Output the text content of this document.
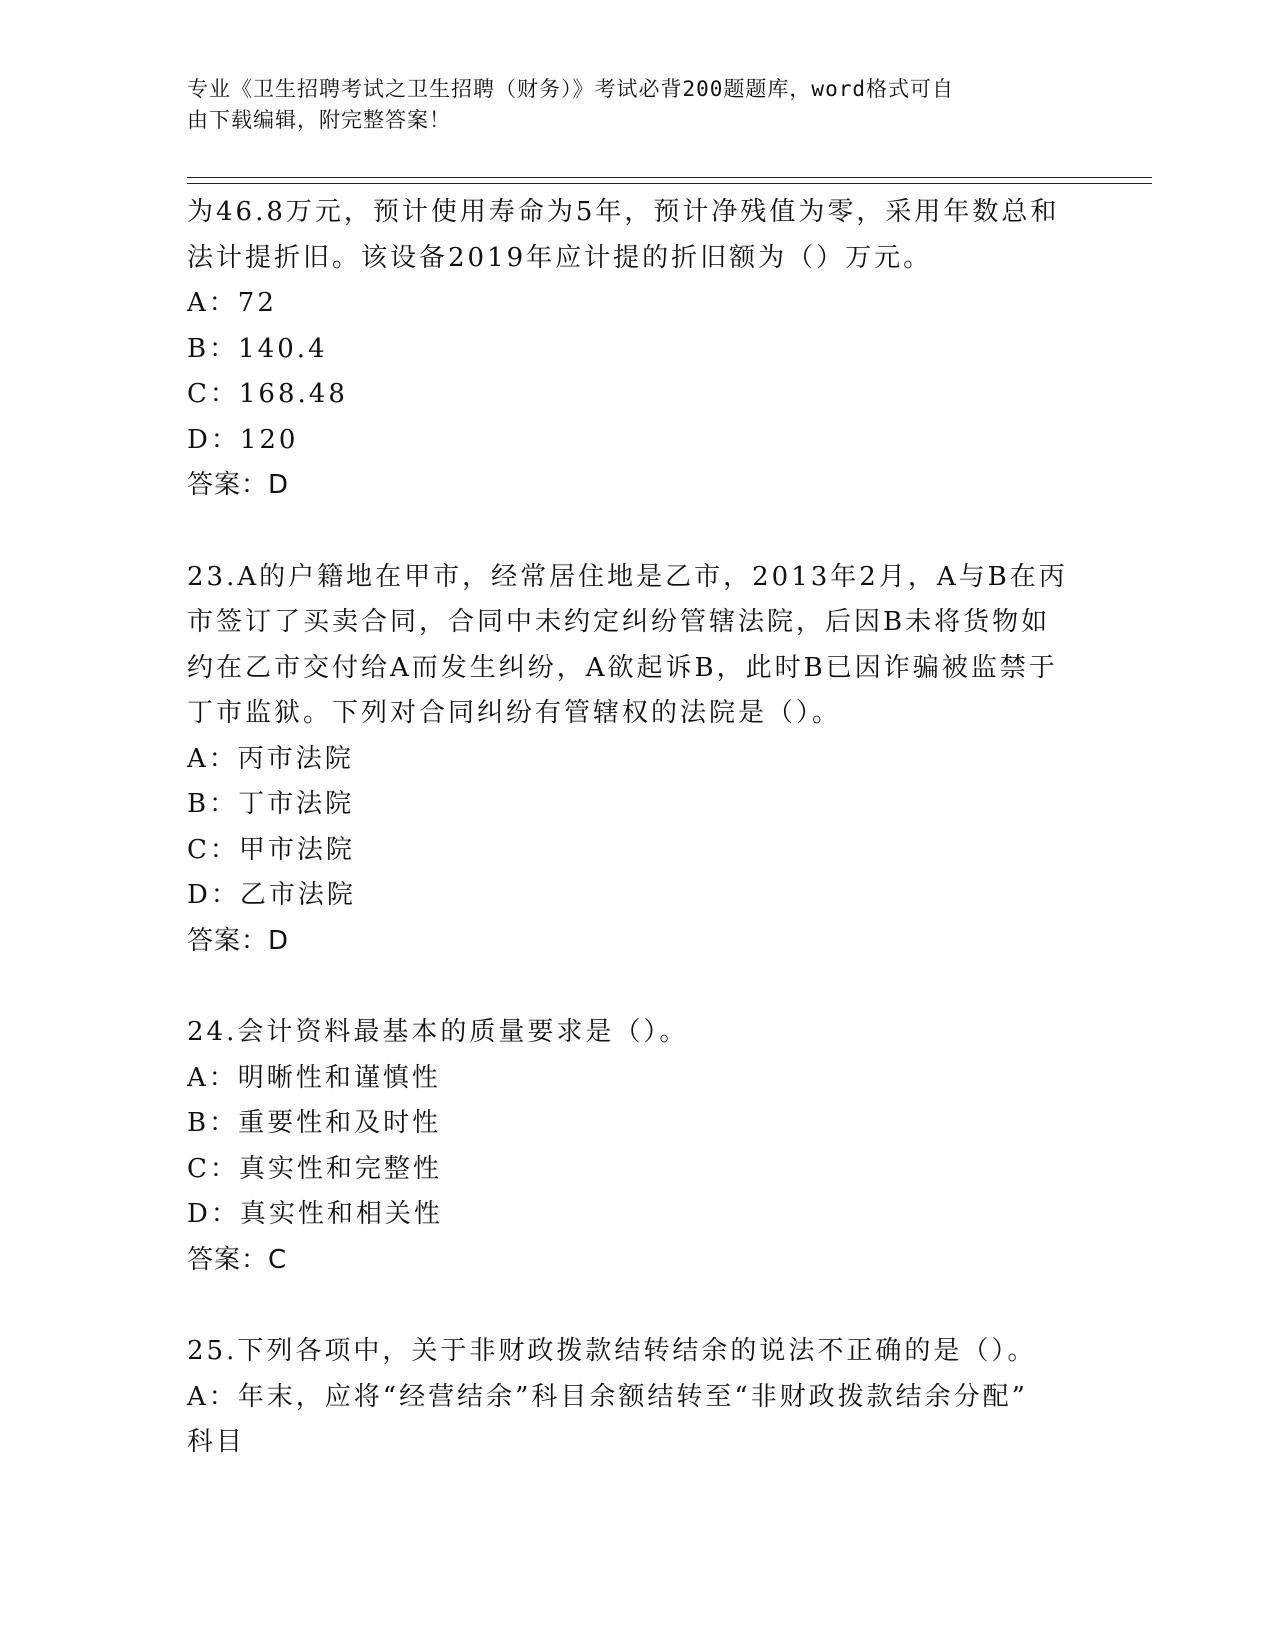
专业《卫生招聘考试之卫生招聘（财务）》考试必背200题题库，word格式可自
由下载编辑，附完整答案！
为46.8万元，预计使用寿命为5年，预计净残值为零，采用年数总和
法计提折旧。该设备2019年应计提的折旧额为（）万元。
A：72
B：140.4
C：168.48
D：120
答案：D
23.A的户籍地在甲市，经常居住地是乙市，2013年2月，A与B在丙
市签订了买卖合同，合同中未约定纠纷管辖法院，后因B未将货物如
约在乙市交付给A而发生纠纷，A欲起诉B，此时B已因诈骗被监禁于
丁市监狱。下列对合同纠纷有管辖权的法院是（）。
A：丙市法院
B：丁市法院
C：甲市法院
D：乙市法院
答案：D
24.会计资料最基本的质量要求是（）。
A：明晰性和谨慎性
B：重要性和及时性
C：真实性和完整性
D：真实性和相关性
答案：C
25.下列各项中，关于非财政拨款结转结余的说法不正确的是（）。
A：年末，应将“经营结余”科目余额结转至“非财政拨款结余分配”
科目
